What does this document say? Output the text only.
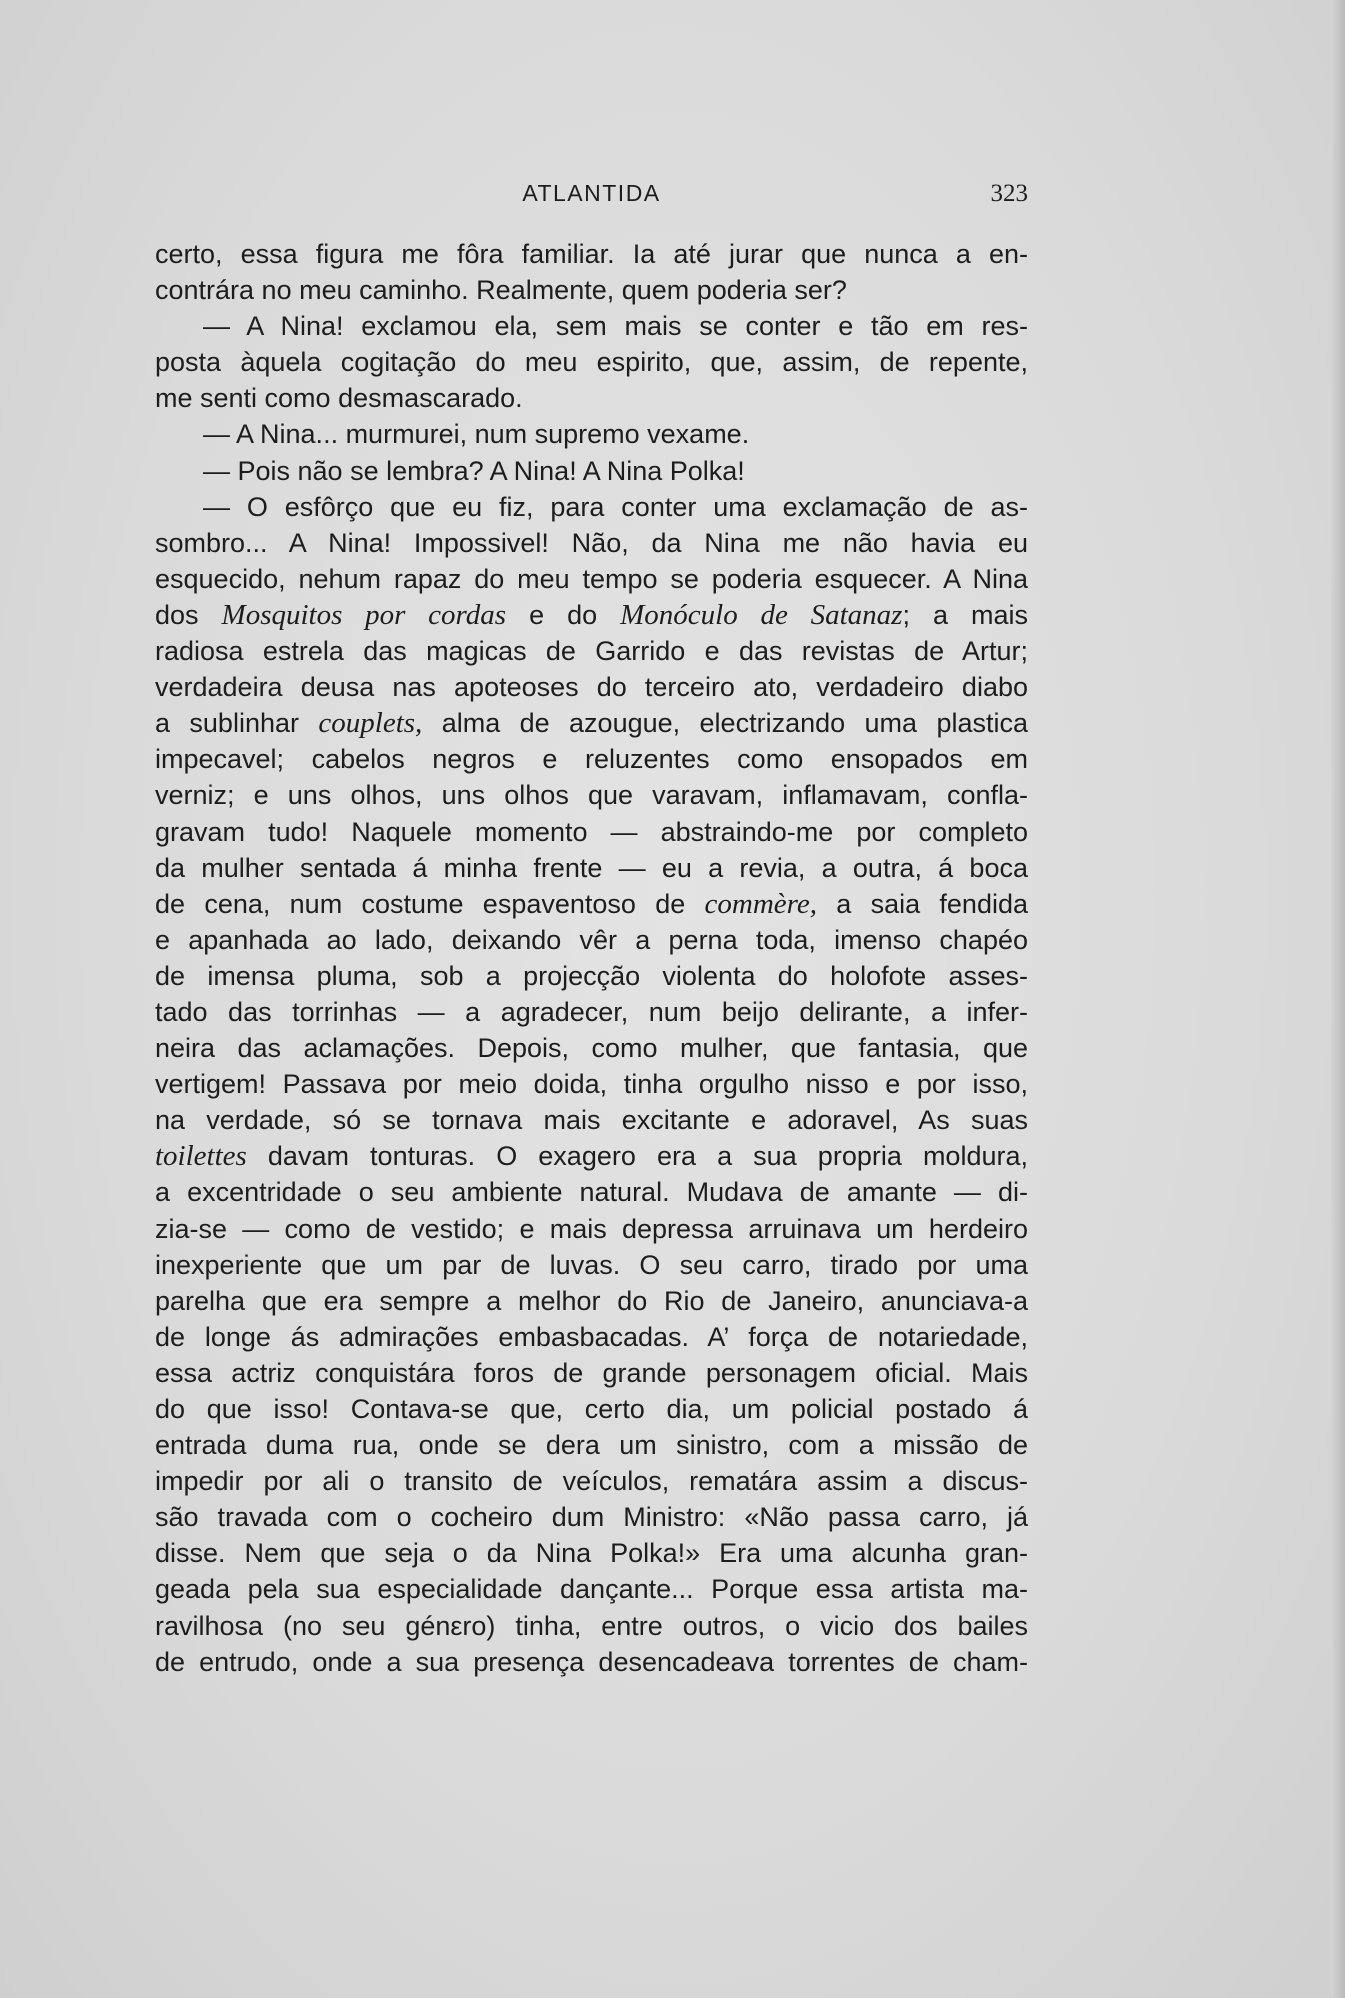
ATLANTIDA	323
certo, essa figura me fôra familiar. Ia até jurar que nunca a en-
contrára no meu caminho. Realmente, quem poderia ser?
— A Nina! exclamou ela, sem mais se conter e tão em res-
posta àquela cogitação do meu espirito, que, assim, de repente,
me senti como desmascarado.
— A Nina... murmurei, num supremo vexame.
— Pois não se lembra? A Nina! A Nina Polka!
— O esfôrço que eu fiz, para conter uma exclamação de as-
sombro... A Nina! Impossivel! Não, da Nina me não havia eu
esquecido, nehum rapaz do meu tempo se poderia esquecer. A Nina
dos Mosquitos por cordas e do Monóculo de Satanaz; a mais
radiosa estrela das magicas de Garrido e das revistas de Artur;
verdadeira deusa nas apoteoses do terceiro ato, verdadeiro diabo
a sublinhar couplets, alma de azougue, electrizando uma plastica
impecavel; cabelos negros e reluzentes como ensopados em
verniz; e uns olhos, uns olhos que varavam, inflamavam, confla-
gravam tudo! Naquele momento — abstraindo-me por completo
da mulher sentada á minha frente — eu a revia, a outra, á boca
de cena, num costume espaventoso de commère, a saia fendida
e apanhada ao lado, deixando vêr a perna toda, imenso chapéo
de imensa pluma, sob a projecção violenta do holofote asses-
tado das torrinhas — a agradecer, num beijo delirante, a infer-
neira das aclamações. Depois, como mulher, que fantasia, que
vertigem! Passava por meio doida, tinha orgulho nisso e por isso,
na verdade, só se tornava mais excitante e adoravel, As suas
toilettes davam tonturas. O exagero era a sua propria moldura,
a excentridade o seu ambiente natural. Mudava de amante — di-
zia-se — como de vestido; e mais depressa arruinava um herdeiro
inexperiente que um par de luvas. O seu carro, tirado por uma
parelha que era sempre a melhor do Rio de Janeiro, anunciava-a
de longe ás admirações embasbacadas. A’ força de notariedade,
essa actriz conquistára foros de grande personagem oficial. Mais
do que isso! Contava-se que, certo dia, um policial postado á
entrada duma rua, onde se dera um sinistro, com a missão de
impedir por ali o transito de veículos, rematára assim a discus-
são travada com o cocheiro dum Ministro: «Não passa carro, já
disse. Nem que seja o da Nina Polka!» Era uma alcunha gran-
geada pela sua especialidade dançante... Porque essa artista ma-
ravilhosa (no seu génεro) tinha, entre outros, o vicio dos bailes
de entrudo, onde a sua presença desencadeava torrentes de cham-
